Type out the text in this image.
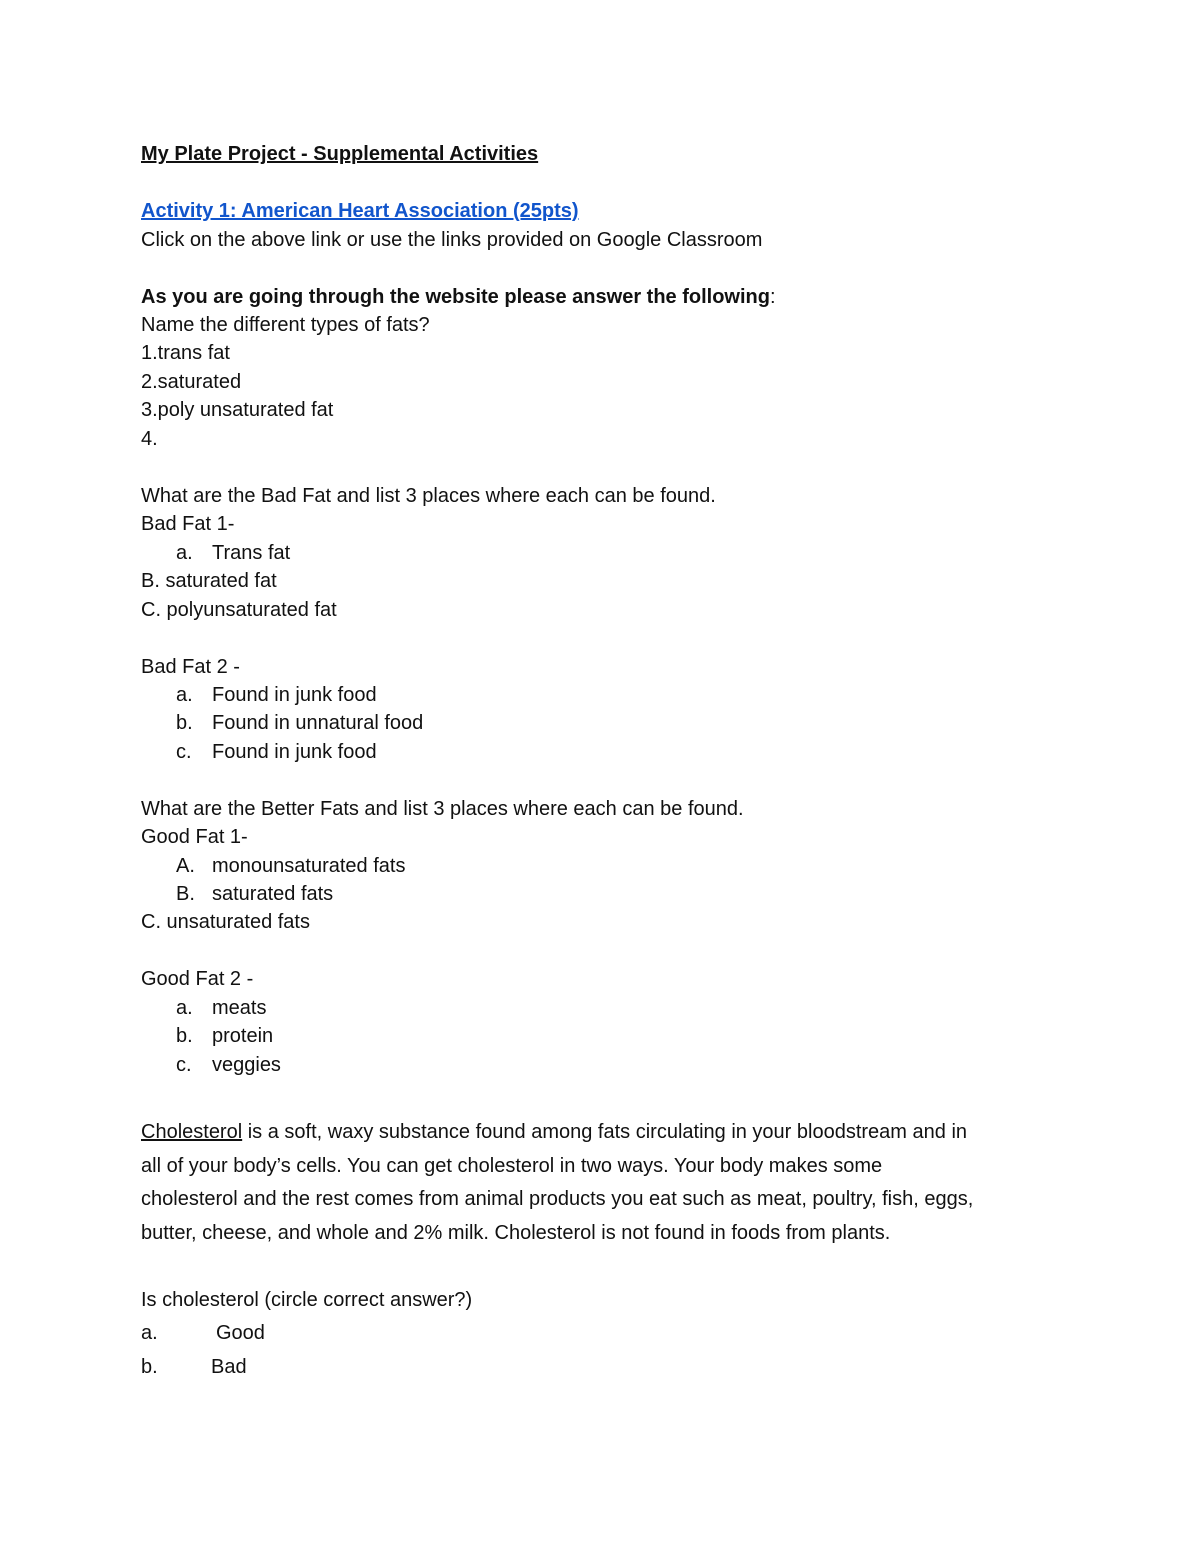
My Plate Project - Supplemental Activities
Activity 1: American Heart Association (25pts)
Click on the above link or use the links provided on Google Classroom
As you are going through the website please answer the following:
Name the different types of fats?
1.trans fat
2.saturated
3.poly unsaturated fat
4.
What are the Bad Fat and list 3 places where each can be found.
Bad Fat 1-
a. Trans fat
B. saturated fat
C. polyunsaturated fat
Bad Fat 2 -
a. Found in junk food
b. Found in unnatural food
c. Found in junk food
What are the Better Fats and list 3 places where each can be found.
Good Fat 1-
A. monounsaturated fats
B. saturated fats
C. unsaturated fats
Good Fat 2 -
a. meats
b. protein
c. veggies
Cholesterol is a soft, waxy substance found among fats circulating in your bloodstream and in
all of your body’s cells. You can get cholesterol in two ways. Your body makes some
cholesterol and the rest comes from animal products you eat such as meat, poultry, fish, eggs,
butter, cheese, and whole and 2% milk. Cholesterol is not found in foods from plants.
Is cholesterol (circle correct answer?)
a.	Good
b.	Bad
